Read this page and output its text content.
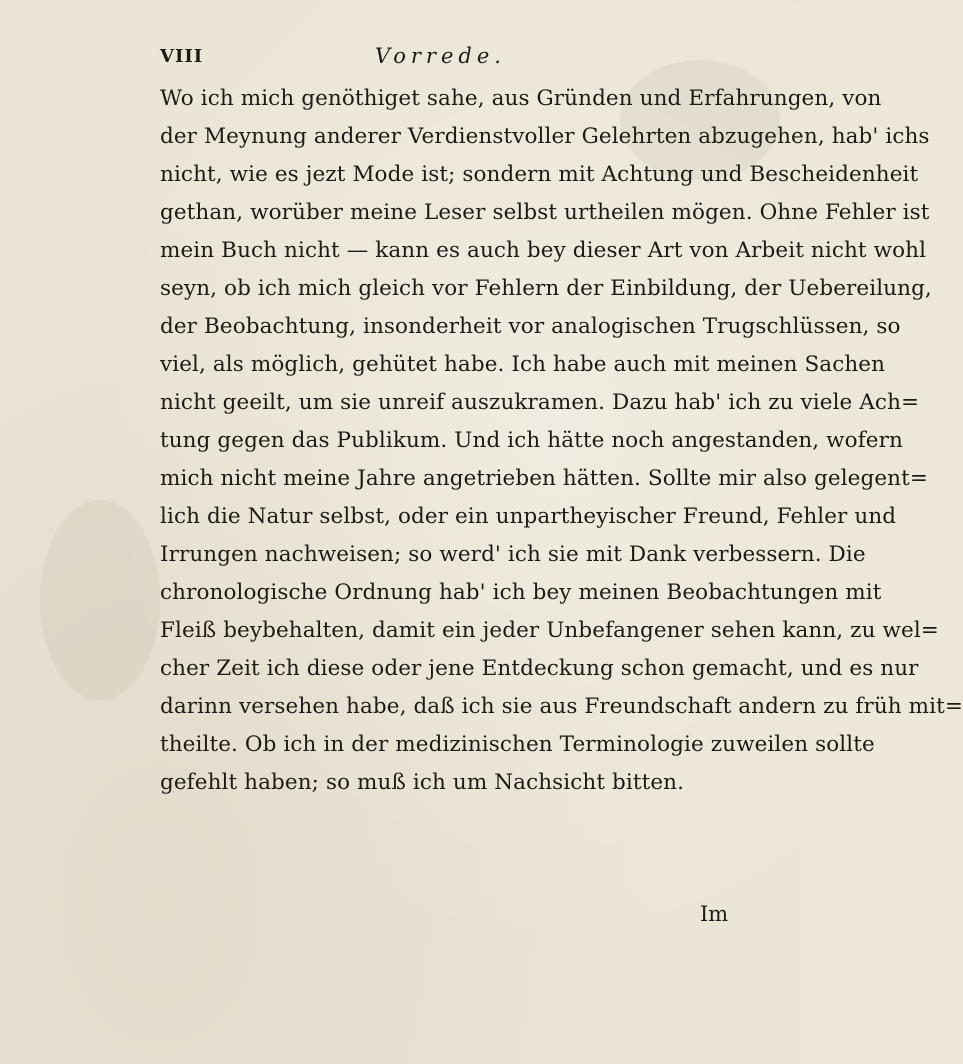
VIII	Vorrede.
Wo ich mich genöthiget sahe, aus Gründen und Erfahrungen, von
der Meynung anderer Verdienstvoller Gelehrten abzugehen, hab' ichs
nicht, wie es jezt Mode ist; sondern mit Achtung und Bescheidenheit
gethan, worüber meine Leser selbst urtheilen mögen. Ohne Fehler ist
mein Buch nicht — kann es auch bey dieser Art von Arbeit nicht wohl
seyn, ob ich mich gleich vor Fehlern der Einbildung, der Uebereilung,
der Beobachtung, insonderheit vor analogischen Trugschlüssen, so
viel, als möglich, gehütet habe. Ich habe auch mit meinen Sachen
nicht geeilt, um sie unreif auszukramen. Dazu hab' ich zu viele Ach=
tung gegen das Publikum. Und ich hätte noch angestanden, wofern
mich nicht meine Jahre angetrieben hätten. Sollte mir also gelegent=
lich die Natur selbst, oder ein unpartheyischer Freund, Fehler und
Irrungen nachweisen; so werd' ich sie mit Dank verbessern. Die
chronologische Ordnung hab' ich bey meinen Beobachtungen mit
Fleiß beybehalten, damit ein jeder Unbefangener sehen kann, zu wel=
cher Zeit ich diese oder jene Entdeckung schon gemacht, und es nur
darinn versehen habe, daß ich sie aus Freundschaft andern zu früh mit=
theilte. Ob ich in der medizinischen Terminologie zuweilen sollte
gefehlt haben; so muß ich um Nachsicht bitten.
Im
